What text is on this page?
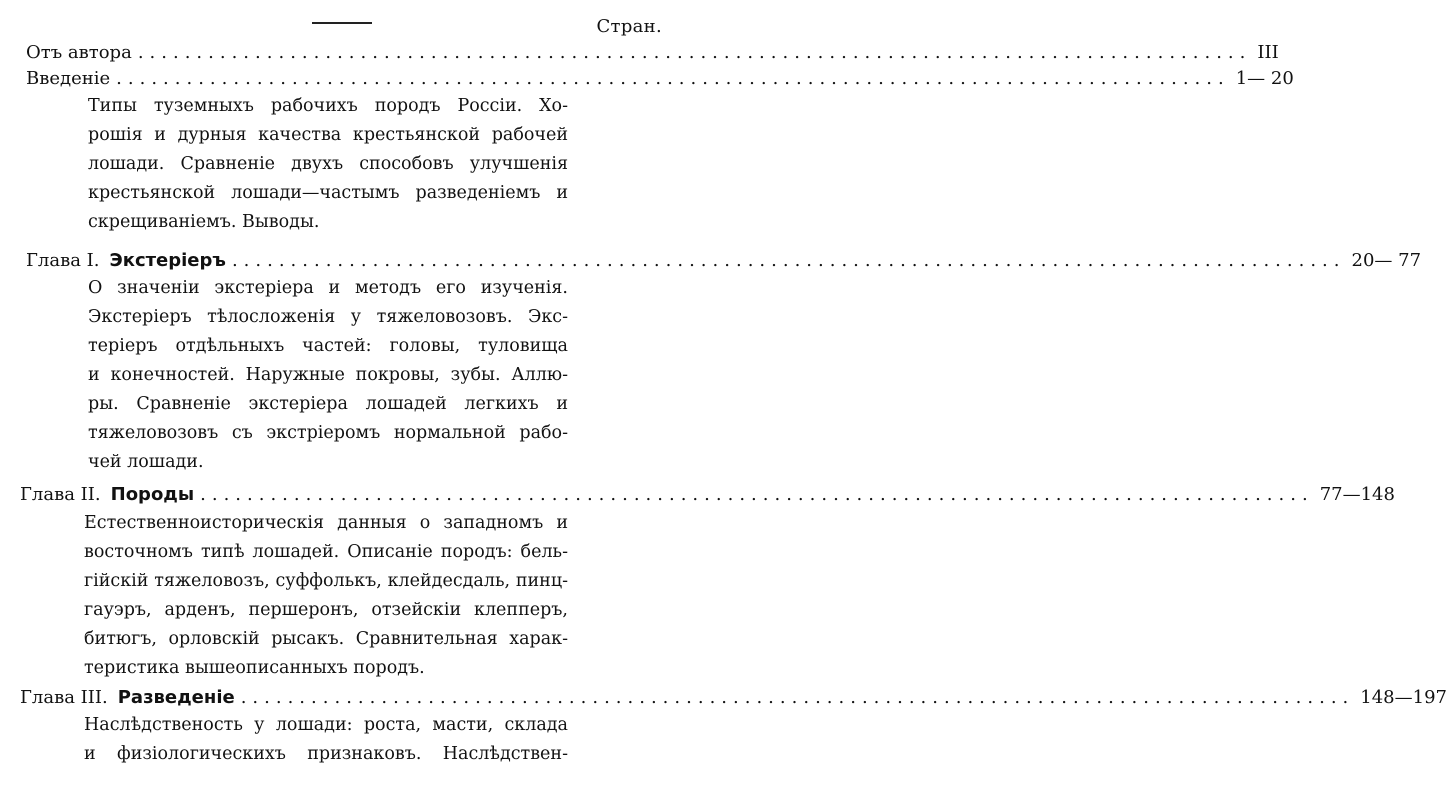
Стран.
Отъ автора ............................................................................................... III
Введеніе ............................................................................................... 1— 20
Типы туземныхъ рабочихъ породъ Россіи. Хо-
рошія и дурныя качества крестьянской рабочей
лошади. Сравненіе двухъ способовъ улучшенія
крестьянской лошади—частымъ разведеніемъ и
скрещиваніемъ. Выводы.
Глава I. Экстеріеръ ............................................................................................... 20— 77
О значеніи экстеріера и методъ его изученія.
Экстеріеръ тѣлосложенія у тяжеловозовъ. Экс-
теріеръ отдѣльныхъ частей: головы, туловища
и конечностей. Наружные покровы, зубы. Аллю-
ры. Сравненіе экстеріера лошадей легкихъ и
тяжеловозовъ съ экстріеромъ нормальной рабо-
чей лошади.
Глава II. Породы ............................................................................................... 77—148
Естественноисторическія данныя о западномъ и
восточномъ типѣ лошадей. Описаніе породъ: бель-
гійскій тяжеловозъ, суффолькъ, клейдесдаль, пинц-
гауэръ, арденъ, першеронъ, отзейскіи клепперъ,
битюгъ, орловскій рысакъ. Сравнительная харак-
теристика вышеописанныхъ породъ.
Глава III. Разведеніе ............................................................................................... 148—197
Наслѣдственость у лошади: роста, масти, склада
и физіологическихъ признаковъ. Наслѣдствен-
